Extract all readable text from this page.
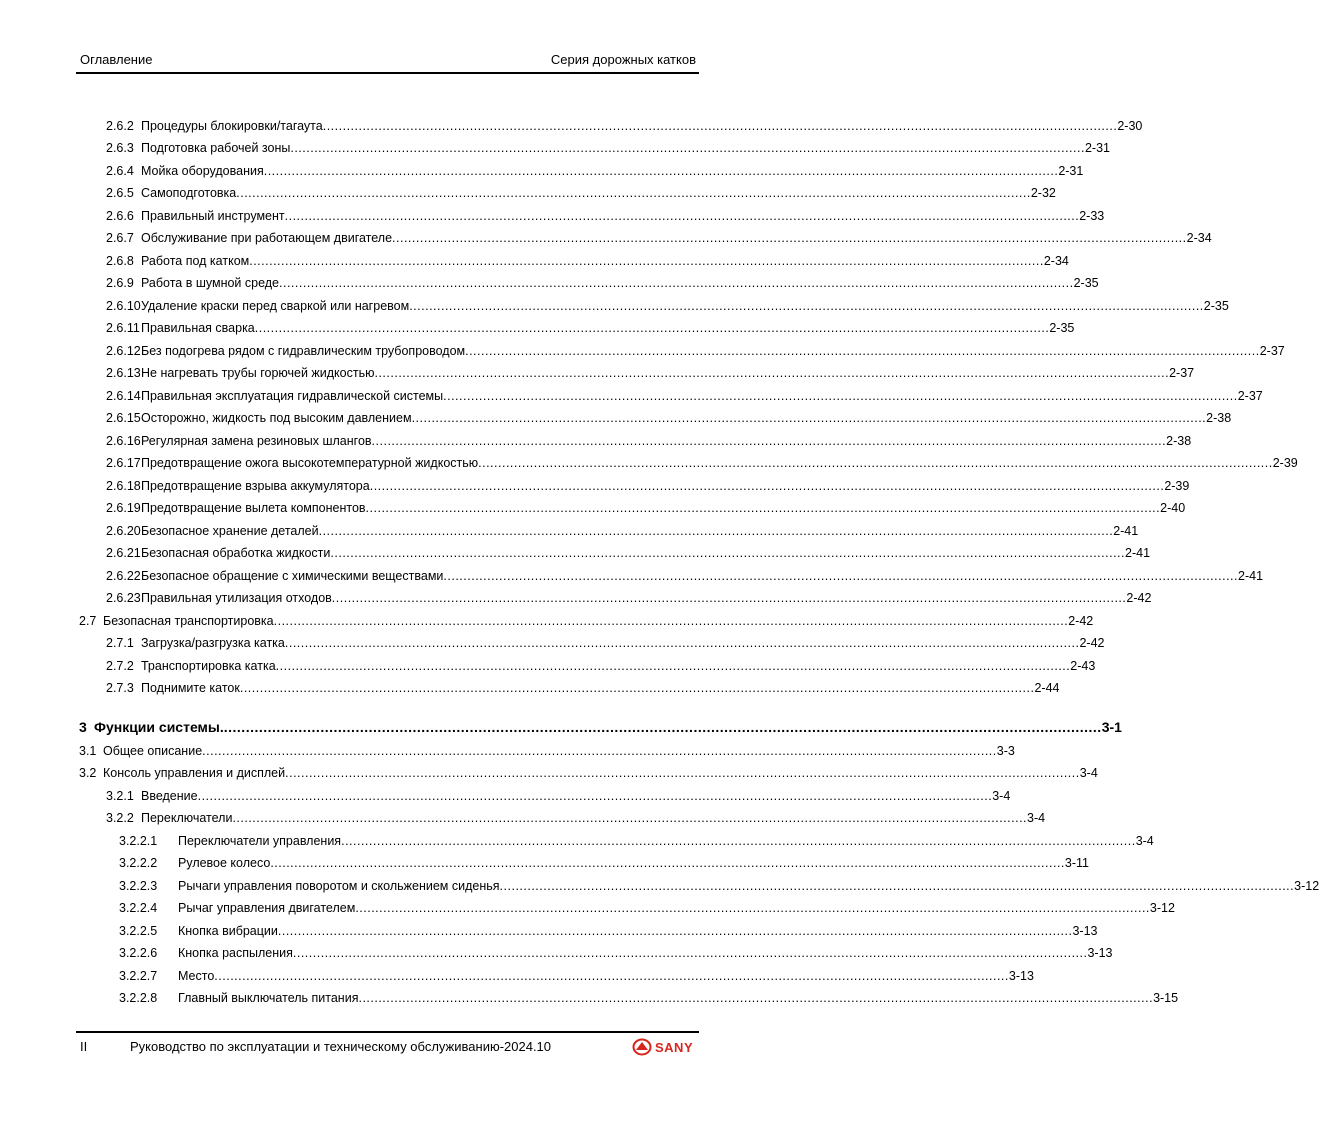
Оглавление	Серия дорожных катков
2.6.2 Процедуры блокировки/тагаута ........................................................................................................................................................................................................ 2-30
2.6.3 Подготовка рабочей зоны ........................................................................................................................................................................................................ 2-31
2.6.4 Мойка оборудования ........................................................................................................................................................................................................ 2-31
2.6.5 Самоподготовка ........................................................................................................................................................................................................ 2-32
2.6.6 Правильный инструмент ........................................................................................................................................................................................................ 2-33
2.6.7 Обслуживание при работающем двигателе ........................................................................................................................................................................................................ 2-34
2.6.8 Работа под катком ........................................................................................................................................................................................................ 2-34
2.6.9 Работа в шумной среде ........................................................................................................................................................................................................ 2-35
2.6.10 Удаление краски перед сваркой или нагревом ........................................................................................................................................................................................................ 2-35
2.6.11 Правильная сварка ........................................................................................................................................................................................................ 2-35
2.6.12 Без подогрева рядом с гидравлическим трубопроводом ........................................................................................................................................................................................................ 2-37
2.6.13 Не нагревать трубы горючей жидкостью ........................................................................................................................................................................................................ 2-37
2.6.14 Правильная эксплуатация гидравлической системы ........................................................................................................................................................................................................ 2-37
2.6.15 Осторожно, жидкость под высоким давлением ........................................................................................................................................................................................................ 2-38
2.6.16 Регулярная замена резиновых шлангов ........................................................................................................................................................................................................ 2-38
2.6.17 Предотвращение ожога высокотемпературной жидкостью ........................................................................................................................................................................................................ 2-39
2.6.18 Предотвращение взрыва аккумулятора ........................................................................................................................................................................................................ 2-39
2.6.19 Предотвращение вылета компонентов ........................................................................................................................................................................................................ 2-40
2.6.20 Безопасное хранение деталей ........................................................................................................................................................................................................ 2-41
2.6.21 Безопасная обработка жидкости ........................................................................................................................................................................................................ 2-41
2.6.22 Безопасное обращение с химическими веществами ........................................................................................................................................................................................................ 2-41
2.6.23 Правильная утилизация отходов ........................................................................................................................................................................................................ 2-42
2.7 Безопасная транспортировка ........................................................................................................................................................................................................ 2-42
2.7.1 Загрузка/разгрузка катка ........................................................................................................................................................................................................ 2-42
2.7.2 Транспортировка катка ........................................................................................................................................................................................................ 2-43
2.7.3 Поднимите каток ........................................................................................................................................................................................................ 2-44
3 Функции системы. ........................................................................................................................................................................................................ 3-1
3.1 Общее описание ........................................................................................................................................................................................................ 3-3
3.2 Консоль управления и дисплей ........................................................................................................................................................................................................ 3-4
3.2.1 Введение ........................................................................................................................................................................................................ 3-4
3.2.2 Переключатели ........................................................................................................................................................................................................ 3-4
3.2.2.1 Переключатели управления ........................................................................................................................................................................................................ 3-4
3.2.2.2 Рулевое колесо ........................................................................................................................................................................................................ 3-11
3.2.2.3 Рычаги управления поворотом и скольжением сиденья ........................................................................................................................................................................................................ 3-12
3.2.2.4 Рычаг управления двигателем ........................................................................................................................................................................................................ 3-12
3.2.2.5 Кнопка вибрации ........................................................................................................................................................................................................ 3-13
3.2.2.6 Кнопка распыления ........................................................................................................................................................................................................ 3-13
3.2.2.7 Место ........................................................................................................................................................................................................ 3-13
3.2.2.8 Главный выключатель питания ........................................................................................................................................................................................................ 3-15
II	Руководство по эксплуатации и техническому обслуживанию-2024.10	SANY
